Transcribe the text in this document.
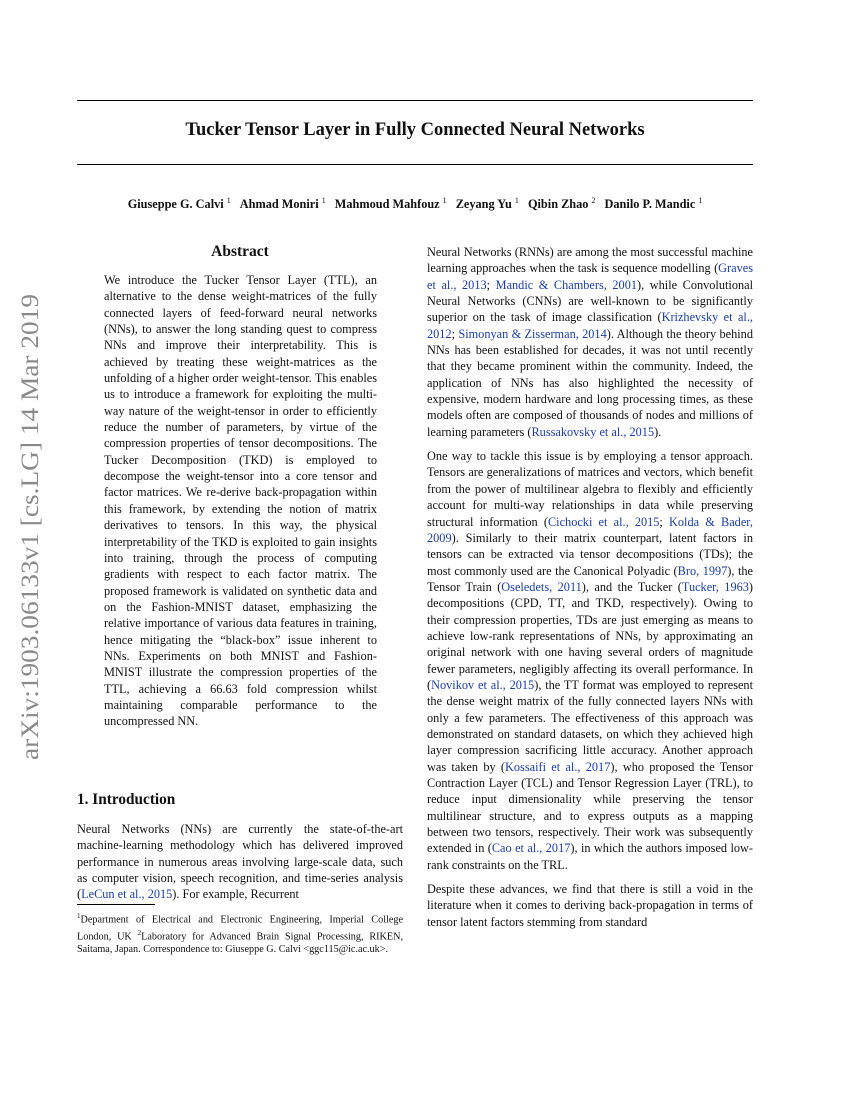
Tucker Tensor Layer in Fully Connected Neural Networks
Giuseppe G. Calvi $^1$ Ahmad Moniri $^1$ Mahmoud Mahfouz $^1$ Zeyang Yu $^1$ Qibin Zhao $^2$ Danilo P. Mandic $^1$
arXiv:1903.06133v1 [cs.LG] 14 Mar 2019
Abstract
We introduce the Tucker Tensor Layer (TTL), an alternative to the dense weight-matrices of the fully connected layers of feed-forward neural networks (NNs), to answer the long standing quest to compress NNs and improve their interpretability. This is achieved by treating these weight-matrices as the unfolding of a higher order weight-tensor. This enables us to introduce a framework for exploiting the multi-way nature of the weight-tensor in order to efficiently reduce the number of parameters, by virtue of the compression properties of tensor decompositions. The Tucker Decomposition (TKD) is employed to decompose the weight-tensor into a core tensor and factor matrices. We re-derive back-propagation within this framework, by extending the notion of matrix derivatives to tensors. In this way, the physical interpretability of the TKD is exploited to gain insights into training, through the process of computing gradients with respect to each factor matrix. The proposed framework is validated on synthetic data and on the Fashion-MNIST dataset, emphasizing the relative importance of various data features in training, hence mitigating the “black-box” issue inherent to NNs. Experiments on both MNIST and Fashion-MNIST illustrate the compression properties of the TTL, achieving a 66.63 fold compression whilst maintaining comparable performance to the uncompressed NN.
1. Introduction
Neural Networks (NNs) are currently the state-of-the-art machine-learning methodology which has delivered improved performance in numerous areas involving large-scale data, such as computer vision, speech recognition, and time-series analysis (LeCun et al., 2015). For example, Recurrent
$^1$Department of Electrical and Electronic Engineering, Imperial College London, UK $^2$Laboratory for Advanced Brain Signal Processing, RIKEN, Saitama, Japan. Correspondence to: Giuseppe G. Calvi <ggc115@ic.ac.uk>.

Neural Networks (RNNs) are among the most successful machine learning approaches when the task is sequence modelling (Graves et al., 2013; Mandic & Chambers, 2001), while Convolutional Neural Networks (CNNs) are well-known to be significantly superior on the task of image classification (Krizhevsky et al., 2012; Simonyan & Zisserman, 2014). Although the theory behind NNs has been established for decades, it was not until recently that they became prominent within the community. Indeed, the application of NNs has also highlighted the necessity of expensive, modern hardware and long processing times, as these models often are composed of thousands of nodes and millions of learning parameters (Russakovsky et al., 2015).

One way to tackle this issue is by employing a tensor approach. Tensors are generalizations of matrices and vectors, which benefit from the power of multilinear algebra to flexibly and efficiently account for multi-way relationships in data while preserving structural information (Cichocki et al., 2015; Kolda & Bader, 2009). Similarly to their matrix counterpart, latent factors in tensors can be extracted via tensor decompositions (TDs); the most commonly used are the Canonical Polyadic (Bro, 1997), the Tensor Train (Oseledets, 2011), and the Tucker (Tucker, 1963) decompositions (CPD, TT, and TKD, respectively). Owing to their compression properties, TDs are just emerging as means to achieve low-rank representations of NNs, by approximating an original network with one having several orders of magnitude fewer parameters, negligibly affecting its overall performance. In (Novikov et al., 2015), the TT format was employed to represent the dense weight matrix of the fully connected layers NNs with only a few parameters. The effectiveness of this approach was demonstrated on standard datasets, on which they achieved high layer compression sacrificing little accuracy. Another approach was taken by (Kossaifi et al., 2017), who proposed the Tensor Contraction Layer (TCL) and Tensor Regression Layer (TRL), to reduce input dimensionality while preserving the tensor multilinear structure, and to express outputs as a mapping between two tensors, respectively. Their work was subsequently extended in (Cao et al., 2017), in which the authors imposed low-rank constraints on the TRL.

Despite these advances, we find that there is still a void in the literature when it comes to deriving back-propagation in terms of tensor latent factors stemming from standard
